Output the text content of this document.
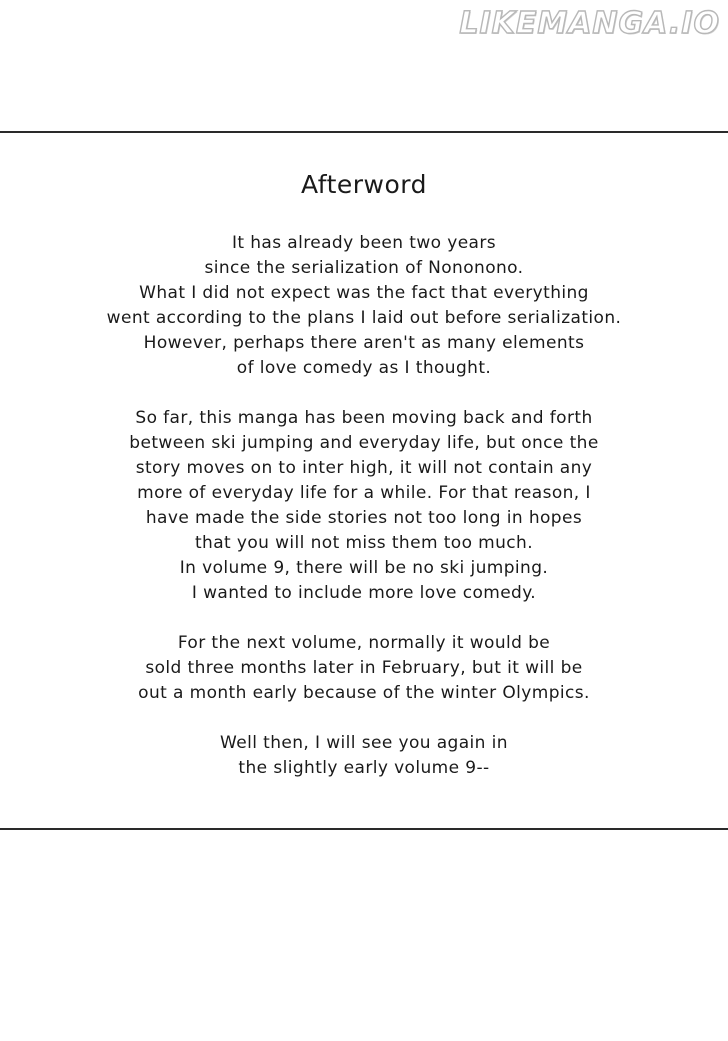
LIKEMANGA.IO
Afterword

It has already been two years
since the serialization of Nononono.
What I did not expect was the fact that everything
went according to the plans I laid out before serialization.
However, perhaps there aren't as many elements
of love comedy as I thought.

So far, this manga has been moving back and forth
between ski jumping and everyday life, but once the
story moves on to inter high, it will not contain any
more of everyday life for a while. For that reason, I
have made the side stories not too long in hopes
that you will not miss them too much.
In volume 9, there will be no ski jumping.
I wanted to include more love comedy.

For the next volume, normally it would be
sold three months later in February, but it will be
out a month early because of the winter Olympics.

Well then, I will see you again in
the slightly early volume 9--
